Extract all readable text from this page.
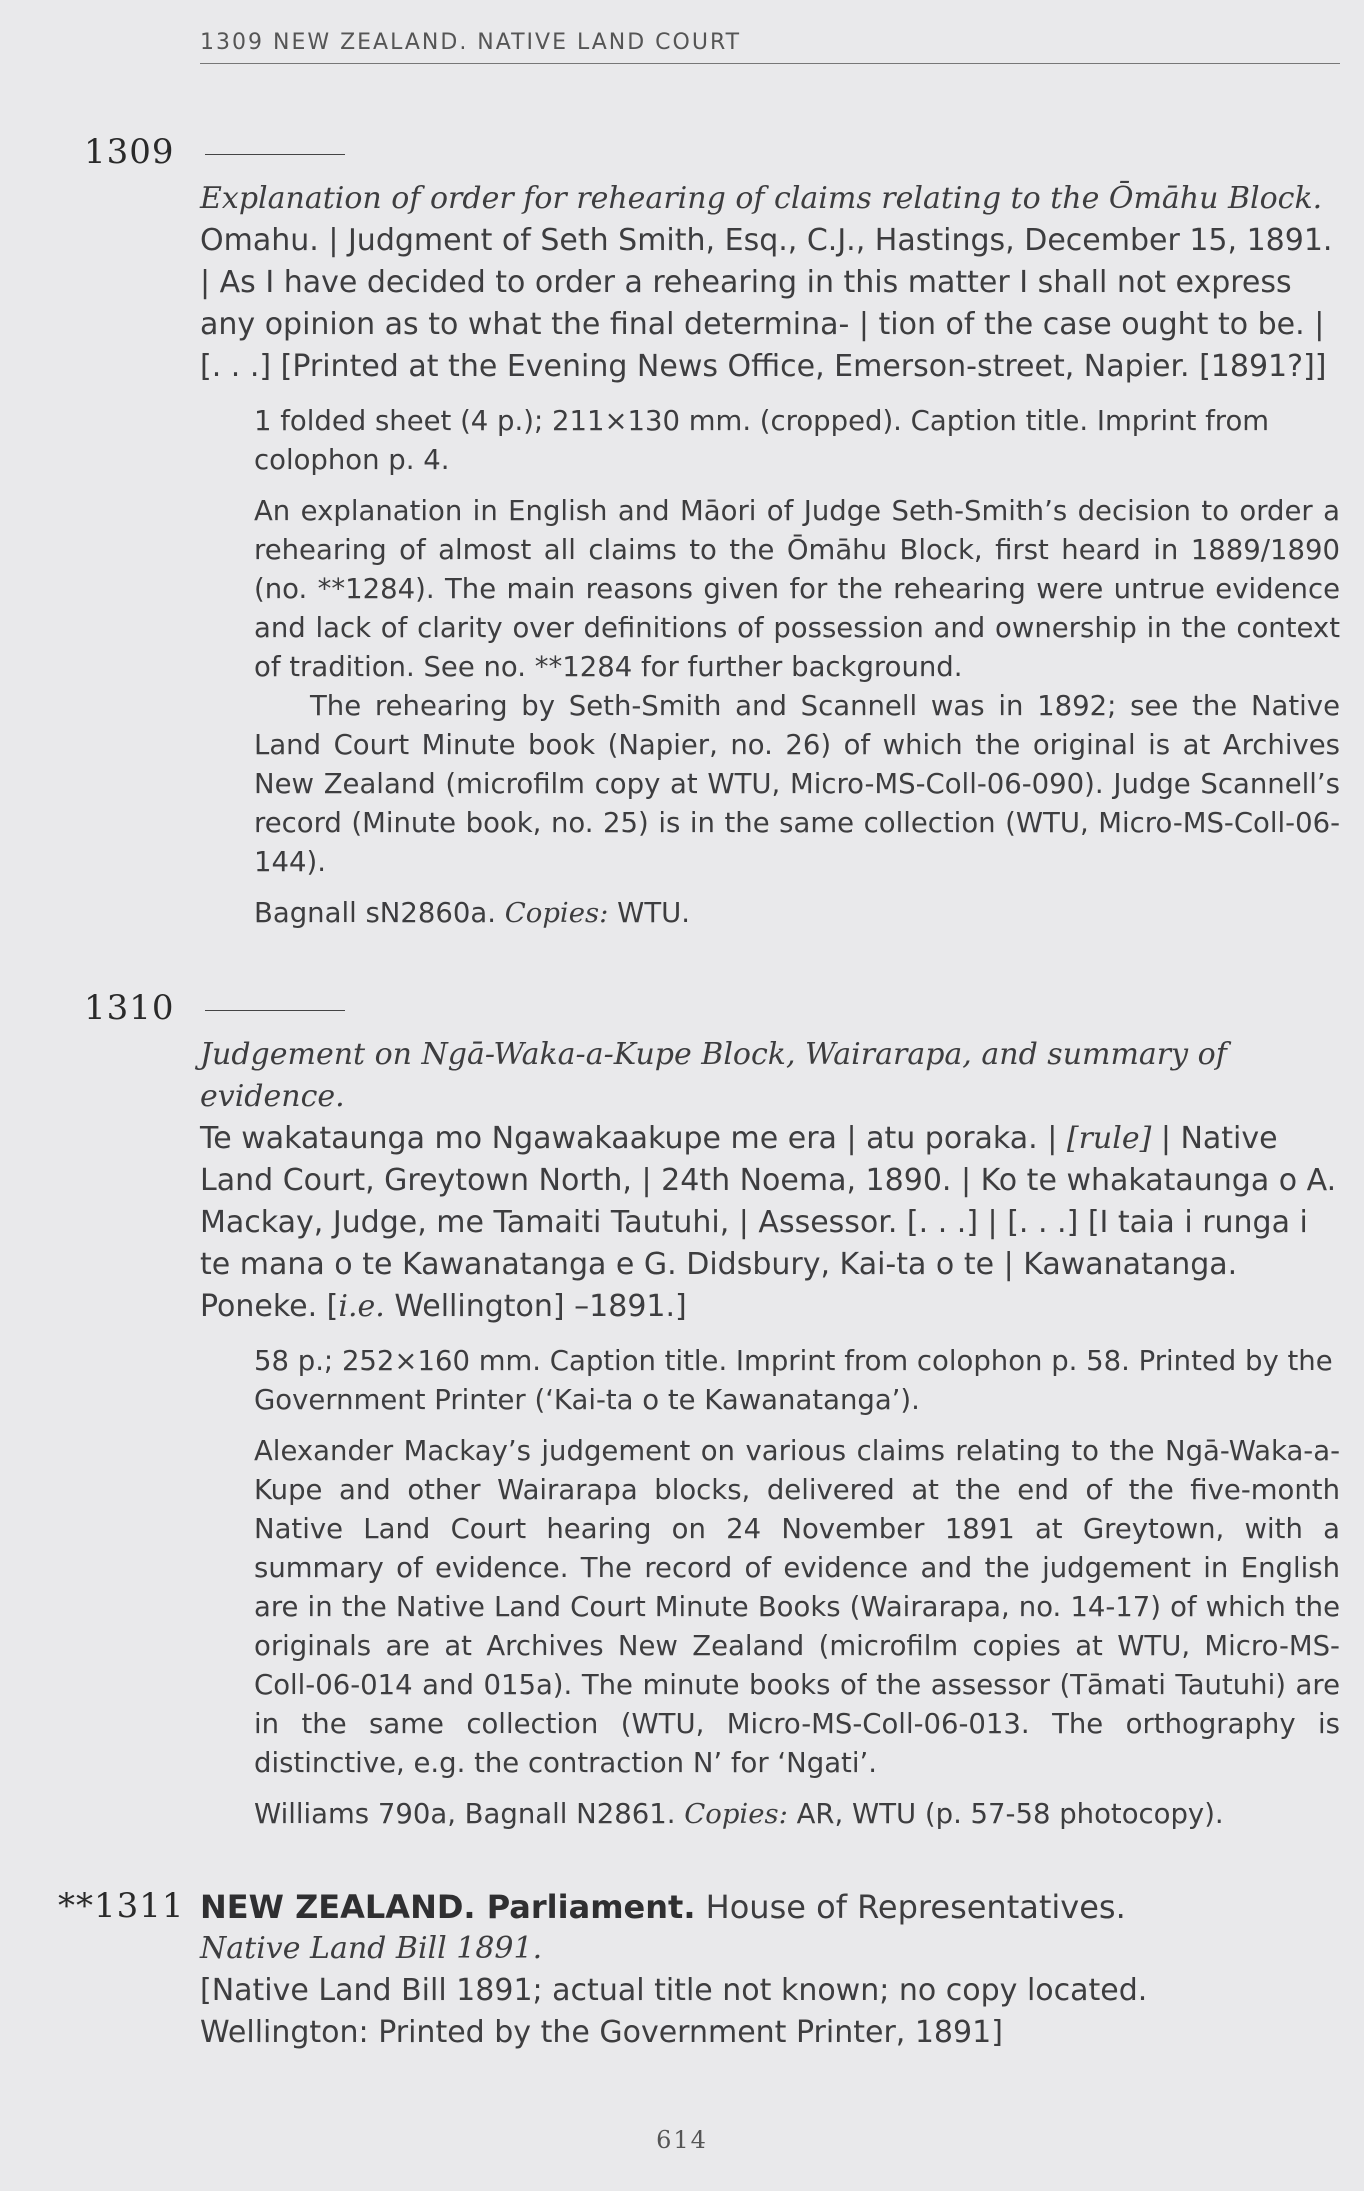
1309 NEW ZEALAND. NATIVE LAND COURT
1309
Explanation of order for rehearing of claims relating to the Ōmāhu Block.
Omahu. | Judgment of Seth Smith, Esq., C.J., Hastings, December 15, 1891. | As I have decided to order a rehearing in this matter I shall not express any opinion as to what the final determina- | tion of the case ought to be. | [. . .] [Printed at the Evening News Office, Emerson-street, Napier. [1891?]]

1 folded sheet (4 p.); 211×130 mm. (cropped). Caption title. Imprint from colophon p. 4.

An explanation in English and Māori of Judge Seth-Smith’s decision to order a rehearing of almost all claims to the Ōmāhu Block, first heard in 1889/1890 (no. **1284). The main reasons given for the rehearing were untrue evidence and lack of clarity over definitions of possession and ownership in the context of tradition. See no. **1284 for further background.

The rehearing by Seth-Smith and Scannell was in 1892; see the Native Land Court Minute book (Napier, no. 26) of which the original is at Archives New Zealand (microfilm copy at WTU, Micro-MS-Coll-06-090). Judge Scannell’s record (Minute book, no. 25) is in the same collection (WTU, Micro-MS-Coll-06-144).

Bagnall sN2860a. Copies: WTU.

1310
Judgement on Ngā-Waka-a-Kupe Block, Wairarapa, and summary of evidence.
Te wakataunga mo Ngawakaakupe me era | atu poraka. | [rule] | Native Land Court, Greytown North, | 24th Noema, 1890. | Ko te whakataunga o A. Mackay, Judge, me Tamaiti Tautuhi, | Assessor. [. . .] | [. . .] [I taia i runga i te mana o te Kawanatanga e G. Didsbury, Kai-ta o te | Kawanatanga. Poneke. [i.e. Wellington] –1891.]

58 p.; 252×160 mm. Caption title. Imprint from colophon p. 58. Printed by the Government Printer (‘Kai-ta o te Kawanatanga’).

Alexander Mackay’s judgement on various claims relating to the Ngā-Waka-a-Kupe and other Wairarapa blocks, delivered at the end of the five-month Native Land Court hearing on 24 November 1891 at Greytown, with a summary of evidence. The record of evidence and the judgement in English are in the Native Land Court Minute Books (Wairarapa, no. 14-17) of which the originals are at Archives New Zealand (microfilm copies at WTU, Micro-MS-Coll-06-014 and 015a). The minute books of the assessor (Tāmati Tautuhi) are in the same collection (WTU, Micro-MS-Coll-06-013. The orthography is distinctive, e.g. the contraction N’ for ‘Ngati’.

Williams 790a, Bagnall N2861. Copies: AR, WTU (p. 57-58 photocopy).

**1311 NEW ZEALAND. Parliament. House of Representatives.
Native Land Bill 1891.
[Native Land Bill 1891; actual title not known; no copy located.
Wellington: Printed by the Government Printer, 1891]
614
